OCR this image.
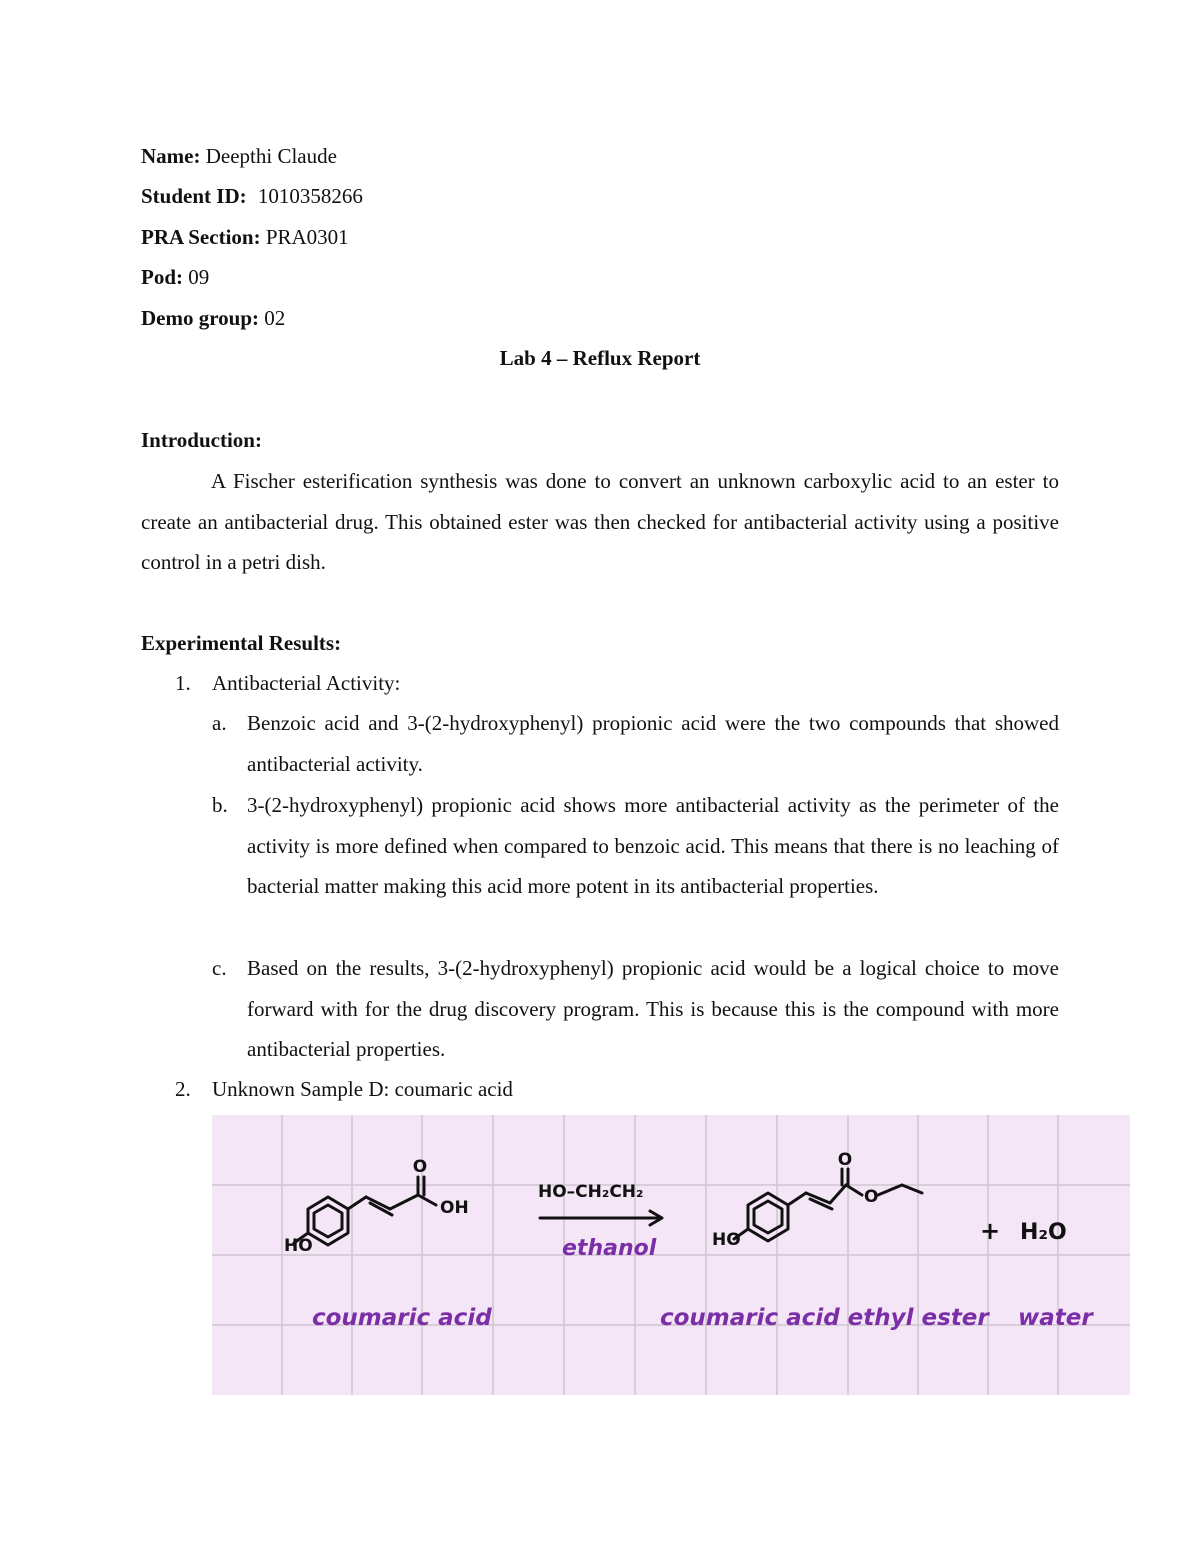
Name: Deepthi Claude
Student ID: 1010358266
PRA Section: PRA0301
Pod: 09
Demo group: 02
Lab 4 – Reflux Report
Introduction:

A Fischer esterification synthesis was done to convert an unknown carboxylic acid to an ester to create an antibacterial drug. This obtained ester was then checked for antibacterial activity using a positive control in a petri dish.

Experimental Results:
1. Antibacterial Activity:
a. Benzoic acid and 3-(2-hydroxyphenyl) propionic acid were the two compounds that showed antibacterial activity.

b. 3-(2-hydroxyphenyl) propionic acid shows more antibacterial activity as the perimeter of the activity is more defined when compared to benzoic acid. This means that there is no leaching of bacterial matter making this acid more potent in its antibacterial properties.

c. Based on the results, 3-(2-hydroxyphenyl) propionic acid would be a logical choice to move forward with for the drug discovery program. This is because this is the compound with more antibacterial properties.

2. Unknown Sample D: coumaric acid
O
OH
HO
HO–CH₂CH₂
ethanol
O
O
HO	+ H₂O
coumaric acid	coumaric acid ethyl ester water
